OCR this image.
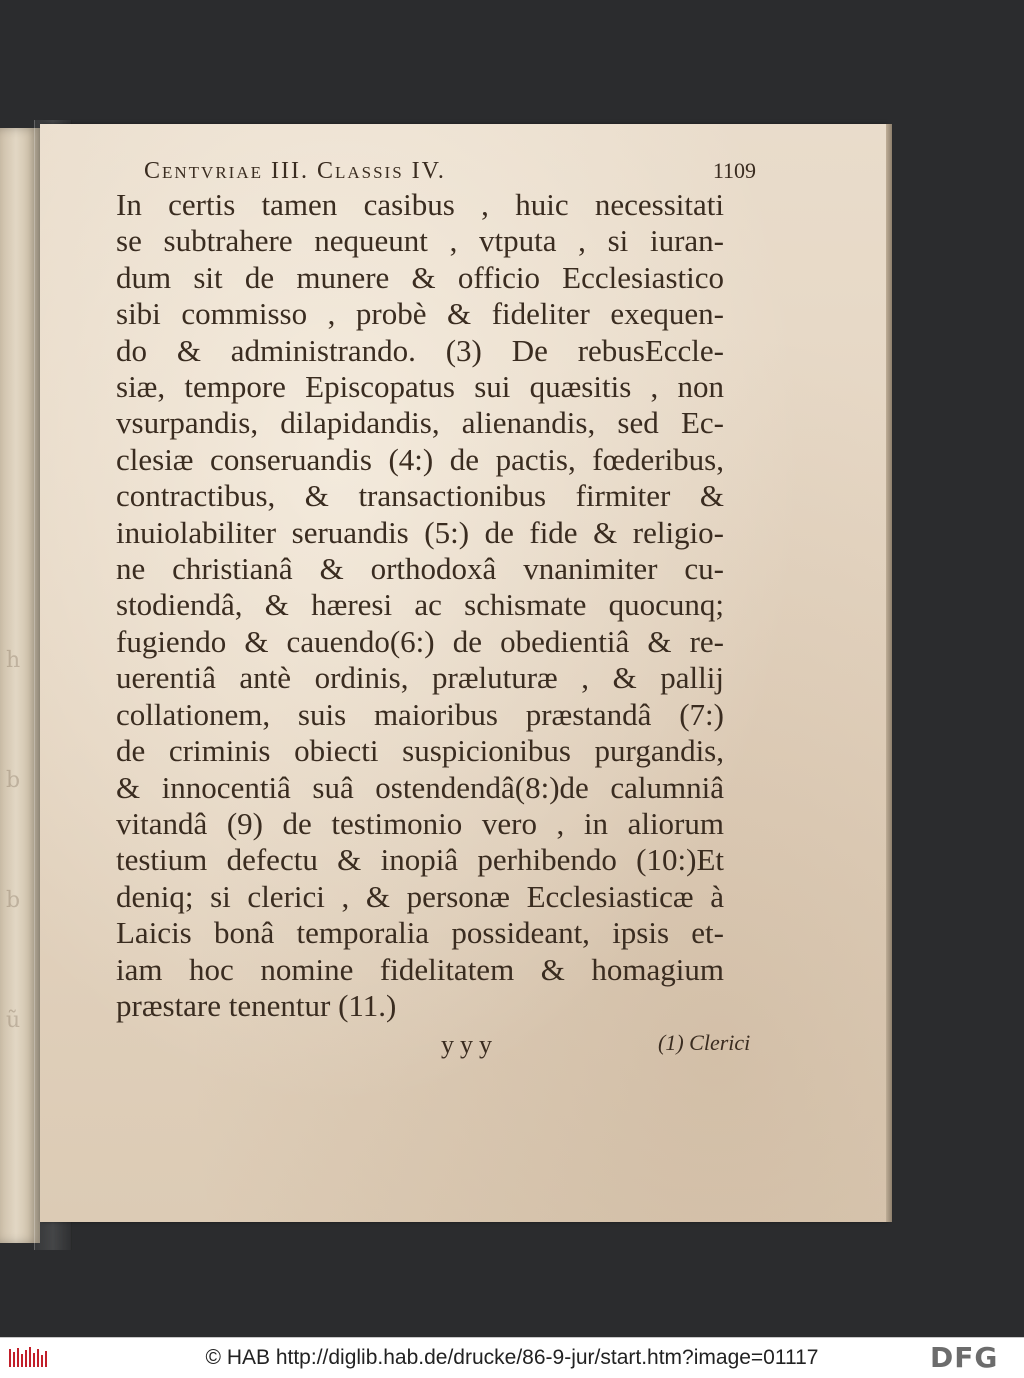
h
b
b
ũ
Centvriae III. Classis IV.	1109
In certis tamen casibus , huic necessitati
se subtrahere nequeunt , vtputa , si iuran-
dum sit de munere & officio Ecclesiastico
sibi commisso , probè & fideliter exequen-
do & administrando. (3) De rebusEccle-
siæ, tempore Episcopatus sui quæsitis , non
vsurpandis, dilapidandis, alienandis, sed Ec-
clesiæ conseruandis (4:) de pactis, fœderibus,
contractibus, & transactionibus firmiter &
inuiolabiliter seruandis (5:) de fide & religio-
ne christianâ & orthodoxâ vnanimiter cu-
stodiendâ, & hæresi ac schismate quocunq;
fugiendo & cauendo(6:) de obedientiâ & re-
uerentiâ antè ordinis, præluturæ , & pallij
collationem, suis maioribus præstandâ (7:)
de criminis obiecti suspicionibus purgandis,
& innocentiâ suâ ostendendâ(8:)de calumniâ
vitandâ (9) de testimonio vero , in aliorum
testium defectu & inopiâ perhibendo (10:)Et
deniq; si clerici , & personæ Ecclesiasticæ à
Laicis bonâ temporalia possideant, ipsis et-
iam hoc nomine fidelitatem & homagium
præstare tenentur (11.)
yyy	(1) Clerici
© HAB http://diglib.hab.de/drucke/86-9-jur/start.htm?image=01117	DFG
